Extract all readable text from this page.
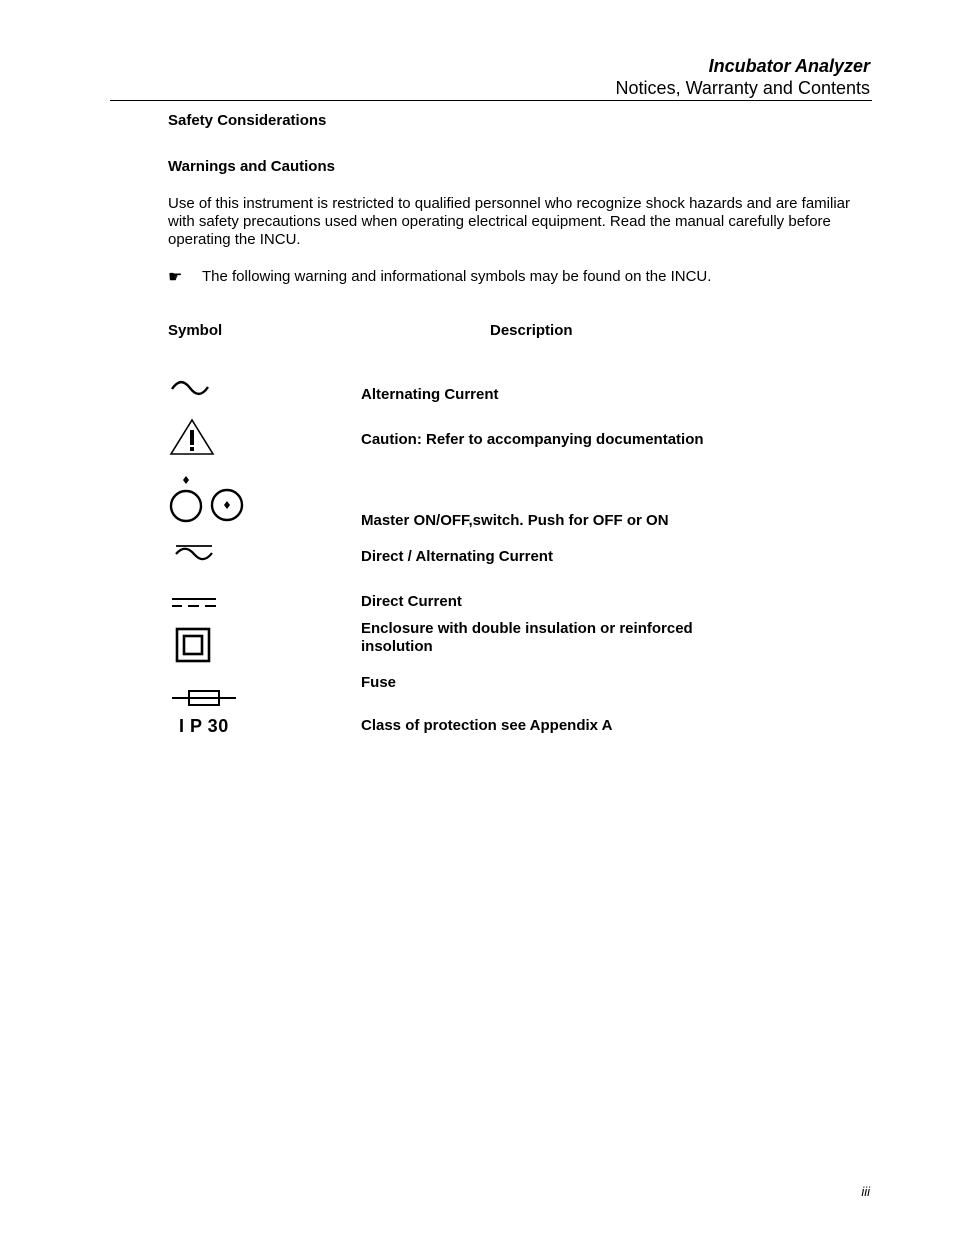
Incubator Analyzer
Notices, Warranty and Contents
Safety Considerations
Warnings and Cautions
Use of this instrument is restricted to qualified personnel who recognize shock hazards and are familiar with safety precautions used when operating electrical equipment. Read the manual carefully before operating the INCU.
☛ The following warning and informational symbols may be found on the INCU.
Symbol	Description
Alternating Current
Caution: Refer to accompanying documentation
Master ON/OFF,switch. Push for OFF or ON
Direct / Alternating Current
Direct Current
Enclosure with double insulation or reinforced insolution
Fuse
I P 30	Class of protection see Appendix A
iii
